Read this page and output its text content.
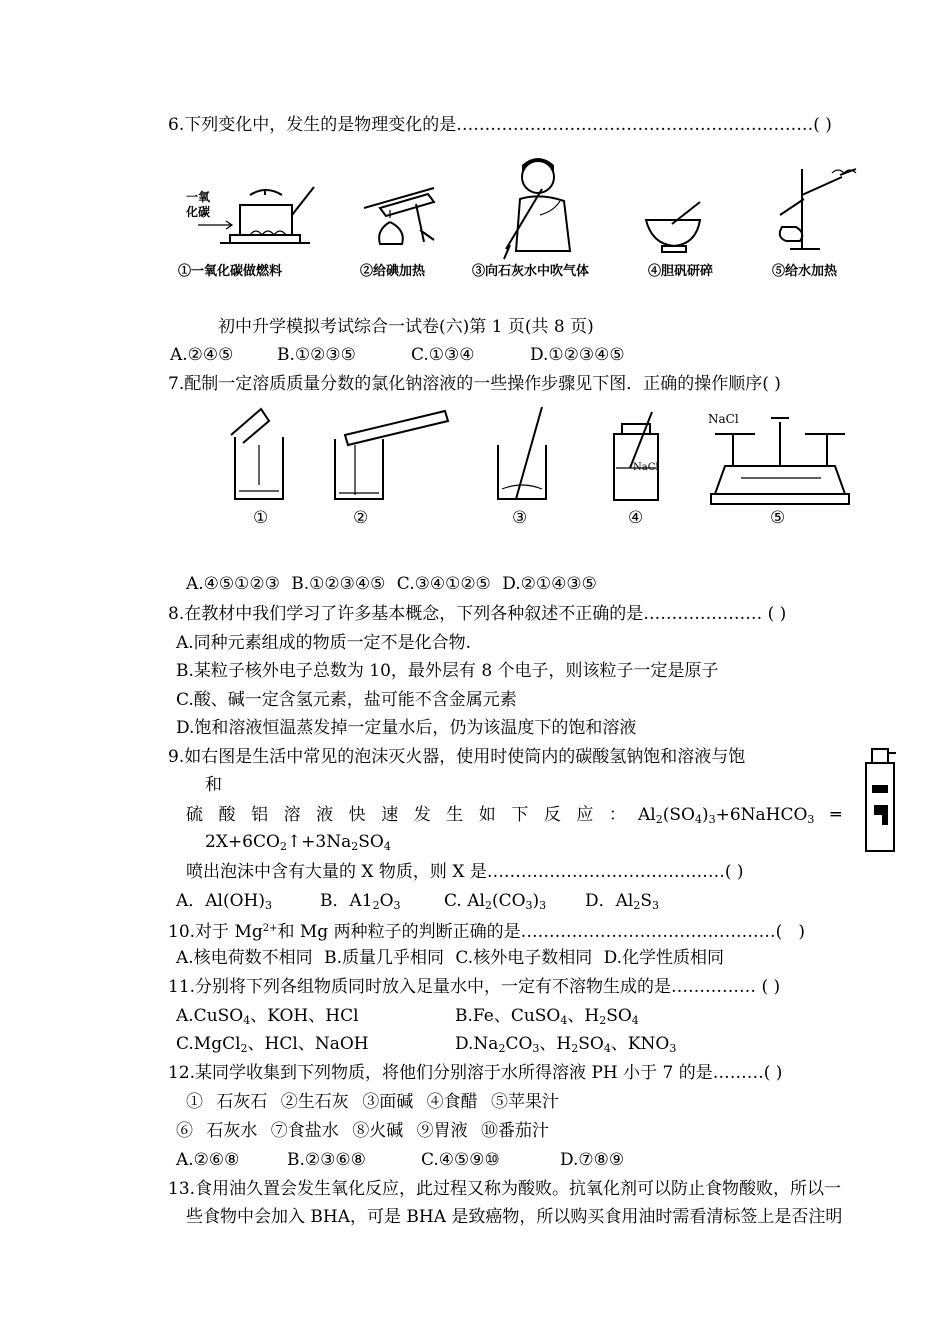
6.下列变化中，发生的是物理变化的是………………………………………………………( )
一氧
化碳
①一氧化碳做燃料	②给碘加热	③向石灰水中吹气体	④胆矾研碎	⑤给水加热
初中升学模拟考试综合一试卷(六)第 1 页(共 8 页)
A.②④⑤	B.①②③⑤	C.①③④	D.①②③④⑤
7.配制一定溶质质量分数的氯化钠溶液的一些操作步骤见下图．正确的操作顺序( )
①	②	③
NaCl
④
NaCl
⑤
A.④⑤①②③ B.①②③④⑤ C.③④①②⑤ D.②①④③⑤
8.在教材中我们学习了许多基本概念，下列各种叙述不正确的是………………… ( )
A.同种元素组成的物质一定不是化合物.
B.某粒子核外电子总数为 10，最外层有 8 个电子，则该粒子一定是原子
C.酸、碱一定含氢元素，盐可能不含金属元素
D.饱和溶液恒温蒸发掉一定量水后，仍为该温度下的饱和溶液
9.如右图是生活中常见的泡沫灭火器，使用时使筒内的碳酸氢钠饱和溶液与饱
和
硫 酸 铝 溶 液 快 速 发 生 如 下 反 应 ： $Al_2(SO_4)_3+6NaHCO_3$   ═
$2X+6CO_2↑+3Na_2SO_4$
喷出泡沫中含有大量的 X 物质，则 X 是……………………………………( )
A．$Al(OH)_3$	B．$A1_2O_3$	C. $Al_2(CO_3)_3$ D．$Al_2S_3$
10.对于 $Mg^{2+}$和 Mg 两种粒子的判断正确的是………………………………………(   )
A.核电荷数不相同 B.质量几乎相同 C.核外电子数相同 D.化学性质相同
11.分别将下列各组物质同时放入足量水中，一定有不溶物生成的是…………… ( )
A.CuSO$_4$、KOH、HCl	B.Fe、CuSO$_4$、$H_2SO_4$
C.MgCl$_2$、HCl、NaOH	$D.Na_2CO_3$、$H_2SO_4$、$KNO_3$
12.某同学收集到下列物质，将他们分别溶于水所得溶液 PH 小于 7 的是………( )
① 石灰石 ②生石灰 ③面碱 ④食醋 ⑤苹果汁
⑥ 石灰水 ⑦食盐水 ⑧火碱 ⑨胃液 ⑩番茄汁
A.②⑥⑧	B.②③⑥⑧	C.④⑤⑨⑩	D.⑦⑧⑨
13.食用油久置会发生氧化反应，此过程又称为酸败。抗氧化剂可以防止食物酸败，所以一
些食物中会加入 BHA，可是 BHA 是致癌物，所以购买食用油时需看清标签上是否注明
